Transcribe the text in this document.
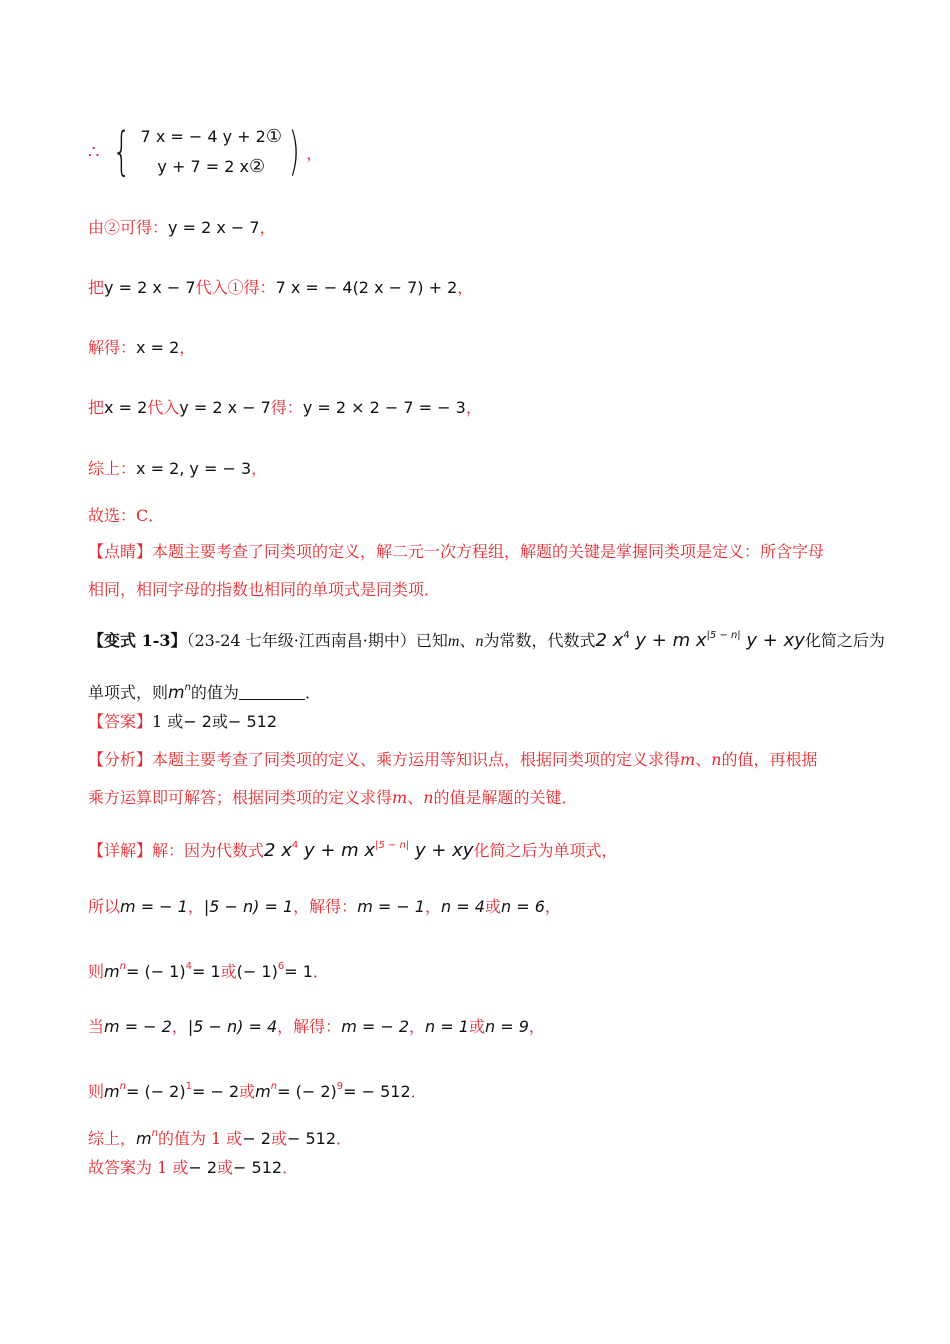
∴ { 7 x = − 4 y + 2①
y + 7 = 2 x② ) ，
由②可得：y = 2 x − 7，
把y = 2 x − 7代入①得：7 x = − 4(2 x − 7) + 2，
解得：x = 2，
把x = 2代入y = 2 x − 7得：y = 2 × 2 − 7 = − 3，
综上：x = 2, y = − 3，
故选：C．
【点睛】本题主要考查了同类项的定义，解二元一次方程组，解题的关键是掌握同类项是定义：所含字母
相同，相同字母的指数也相同的单项式是同类项．
【变式 1-3】（23-24 七年级·江西南昌·期中）已知m、n为常数，代数式2 $x^4$ y + m $x^{|5 - n|}$ y + xy化简之后为
单项式，则$m^n$的值为	．
【答案】1 或− 2或− 512
【分析】本题主要考查了同类项的定义、乘方运用等知识点，根据同类项的定义求得m、n的值，再根据
乘方运算即可解答；根据同类项的定义求得m、n的值是解题的关键．
【详解】解：因为代数式2 $x^4$ y + m $x^{|5 - n|}$ y + xy化简之后为单项式，
所以m = − 1，|5 − n) = 1，解得：m = − 1，n = 4或n = 6，
则$m^n=$ (− 1)$^4$= 1或(− 1)$^6$= 1．
当m = − 2，|5 − n) = 4，解得：m = − 2，n = 1或n = 9，
则$m^n=$ (− 2)$^1$= − 2或$m^n=$ (− 2)$^9$= − 512．
综上，$m^n$的值为 1 或− 2或− 512．
故答案为 1 或− 2或− 512．
